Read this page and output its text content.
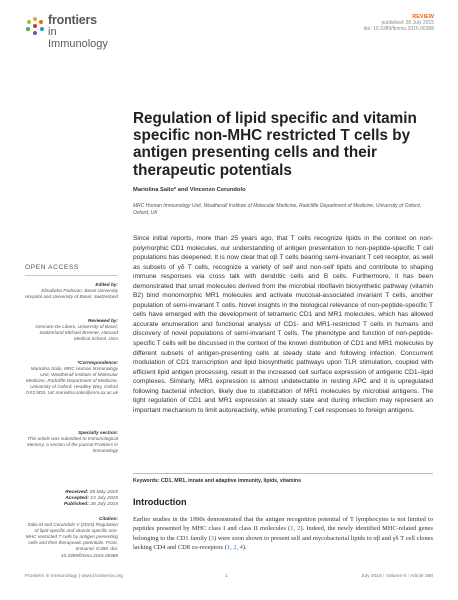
frontiers
in Immunology
REVIEW
published: 28 July 2015
doi: 10.3389/fimmu.2015.00388
Regulation of lipid specific and vitamin specific non-MHC restricted T cells by antigen presenting cells and their therapeutic potentials
Mariolina Salio* and Vincenzo Cerundolo
MRC Human Immunology Unit, Weatherall Institute of Molecular Medicine, Radcliffe Department of Medicine, University of Oxford, Oxford, UK

Since initial reports, more than 25 years ago, that T cells recognize lipids in the context on non-polymorphic CD1 molecules, our understanding of antigen presentation to non-peptide-specific T cell populations has deepened. It is now clear that αβ T cells bearing semi-invariant T cell receptor, as well as subsets of γδ T cells, recognize a variety of self and non-self lipids and contribute to shaping immune responses via cross talk with dendritic cells and B cells. Furthermore, it has been demonstrated that small molecules derived from the microbial riboflavin biosynthetic pathway (vitamin B2) bind monomorphic MR1 molecules and activate mucosal-associated invariant T cells, another population of semi-invariant T cells. Novel insights in the biological relevance of non-peptide-specific T cells have emerged with the development of tetrameric CD1 and MR1 molecules, which has allowed accurate enumeration and functional analysis of CD1- and MR1-restricted T cells in humans and discovery of novel populations of semi-invariant T cells. The phenotype and function of non-peptide-specific T cells will be discussed in the context of the known distribution of CD1 and MR1 molecules by different subsets of antigen-presenting cells at steady state and following infection. Concurrent modulation of CD1 transcription and lipid biosynthetic pathways upon TLR stimulation, coupled with efficient lipid antigen processing, result in the increased cell surface expression of antigenic CD1–lipid complexes. Similarly, MR1 expression is almost undetectable in resting APC and it is upregulated following bacterial infection, likely due to stabilization of MR1 molecules by microbial antigens. The tight regulation of CD1 and MR1 expression at steady state and during infection may represent an important mechanism to limit autoreactivity, while promoting T cell responses to foreign antigens.

Keywords: CD1, MR1, innate and adaptive immunity, lipids, vitamins
Introduction

Earlier studies in the 1990s demonstrated that the antigen recognition potential of T lymphocytes is not limited to peptides presented by MHC class I and class II molecules (1, 2). Indeed, the newly identified MHC-related genes belonging to the CD1 family (3) were soon shown to present self and mycobacterial lipids to αβ and γδ T cell clones lacking CD4 and CD8 co-receptors (1, 2, 4).

OPEN ACCESS
Edited by:
Elisabetta Padovan, Basel University Hospital and University of Basel, Switzerland
Reviewed by:
Gennaro De Libero, University of Basel, Switzerland Michael Brenner, Harvard Medical School, USA
*Correspondence:
Mariolina Salio, MRC Human Immunology Unit, Weatherall Institute of Molecular Medicine, Radcliffe Department of Medicine, University of Oxford, Headley Way, Oxford OX3 9DS, UK mariolina.salio@imm.ox.ac.uk
Specialty section:
This article was submitted to Immunological Memory, a section of the journal Frontiers in Immunology
Received: 05 May 2015
Accepted: 13 July 2015
Published: 28 July 2015
Citation:
Salio M and Cerundolo V (2015) Regulation of lipid specific and vitamin specific non-MHC restricted T cells by antigen presenting cells and their therapeutic potentials. Front. Immunol. 6:388. doi: 10.3389/fimmu.2015.00388
Frontiers in Immunology | www.frontiersin.org	1	July 2015 | Volume 6 | Article 388
